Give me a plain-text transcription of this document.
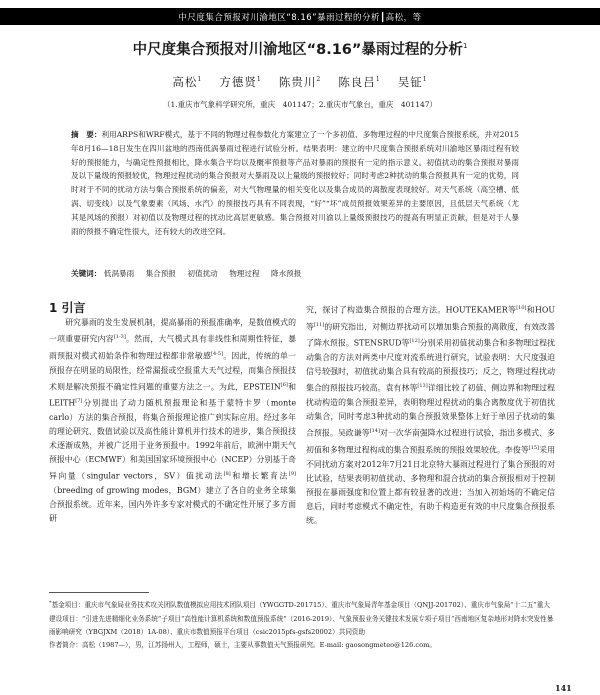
中尺度集合预报对川渝地区“8.16”暴雨过程的分析┃高松，等
中尺度集合预报对川渝地区“8.16”暴雨过程的分析$^1$
高松$^1$　 方德贤$^1$　 陈贵川$^2$　 陈良吕$^1$　 吴钲$^1$
（1.重庆市气象科学研究所，重庆　401147；2.重庆市气象台，重庆　401147）
摘　要：利用ARPS和WRF模式，基于不同的物理过程参数化方案建立了一个多初值、多物理过程的中尺度集合预报系统，并对2015年8月16—18日发生在四川盆地的西南低涡暴雨过程进行试验分析。结果表明：建立的中尺度集合预报系统对川渝地区暴雨过程有较好的预报能力，与确定性预报相比，降水集合平均以及概率预报等产品对暴雨的预报有一定的指示意义。初值扰动的集合预报对暴雨及以下量级的预报较优，物理过程扰动的集合预报对大暴雨及以上量级的预报较好；同时考虑2种扰动的集合预报具有一定的优势，同时对于不同的扰动方法与集合预报系统的偏差，对大气物理量的相关变化以及集合成员的离散度表现较好。对天气系统（高空槽、低涡、切变线）以及气象要素（风场、水汽）的预报技巧具有不同表现，“好”“坏”成员预报效果差异的主要原因，且低层天气系统（尤其是风场的预报）对初值以及物理过程的扰动比高层更敏感。集合预报对川渝以上量级预报技巧的提高有明显正贡献，但是对于人暴雨的预报不确定性很大，还有较大的改进空间。
关键词： 低涡暴雨 集合预报 初值扰动 物理过程 降水预报
1 引言
研究暴雨的发生发展机制，提高暴雨的预报准确率，是数值模式的一项重要研究内容[1-3]。然而，大气模式具有非线性和周期性特征，暴雨预报对模式初始条件和物理过程都非常敏感[4-5]。因此，传统的单一预报存在明显的局限性，经常漏报或空报重大天气过程，而集合预报技术则是解决预报不确定性问题的重要方法之一。为此，EPSTEIN[6]和LEITH[7]分别提出了动力随机预报理论和基于蒙特卡罗（monte carlo）方法的集合预报，将集合预报理论推广到实际应用。经过多年的理论研究、数值试验以及高性能计算机并行技术的进步，集合预报技术逐渐成熟，并被广泛用于业务预报中。1992年前后，欧洲中期天气预报中心（ECMWF）和美国国家环境预报中心（NCEP）分别基于奇异向量（singular vectors，SV）值扰动法[8]和增长繁育法[9]（breeding of growing modes，BGM）建立了各自的业务全球集合预报系统。近年来，国内外许多专家对模式的不确定性开展了多方面研
究，探讨了构造集合预报的合理方法。HOUTEKAMER等[10]和HOU等[11]的研究指出，对侧边界扰动可以增加集合预报的离散度，有效改善了降水预报。STENSRUD等[12]分别采用初值扰动集合和多物理过程扰动集合的方法对两类中尺度对流系统进行研究，试验表明：大尺度强迫信号较强时，初值扰动集合具有较高的预报技巧；反之，物理过程扰动集合的预报技巧较高。袁有林等[13]详细比较了初值、侧边界和物理过程扰动构造的集合预报差异，表明物理过程扰动的集合离散度优于初值扰动集合，同时考虑3种扰动的集合预报效果整体上好于单因子扰动的集合预报。吴政谦等[14]对一次华南强降水过程进行试验，指出多模式、多初值和多物理过程构成的集合预报系统的预报效果较优。李俊等[15]采用不同扰动方案对2012年7月21日北京特大暴雨过程进行了集合预报的对比试验，结果表明初值扰动、多物理和混合扰动的集合预报相对于控制预报在暴雨强度和位置上都有较显著的改进；当加入初始场的不确定信息后，同时考虑模式不确定性，有助于构造更有效的中尺度集合预报系统。
*基金项目：重庆市气象局业务技术攻关团队数值模拟应用技术团队项目（YWGGTD-201715）、重庆市气象局青年基金项目（QNJJ-201702）、重庆市气象局“十二五”重大建设项目：“引进先进精细化业务系统”子项目“高性能计算机系统和数值预报系统”（2016-2019）、气象预报业务关键技术发展专项子项目“西南地区复杂地形对降水突发性暴雨影响研究（YBGJXM（2018）1A-08）、重庆市数值预报平台项目（csic2015pfs-gsfs20002）共同资助
作者简介：高松（1987—），男，江苏扬州人，工程师，硕士，主要从事数值天气预报研究。E-mail: gaosongmeteo@126.com。
141
